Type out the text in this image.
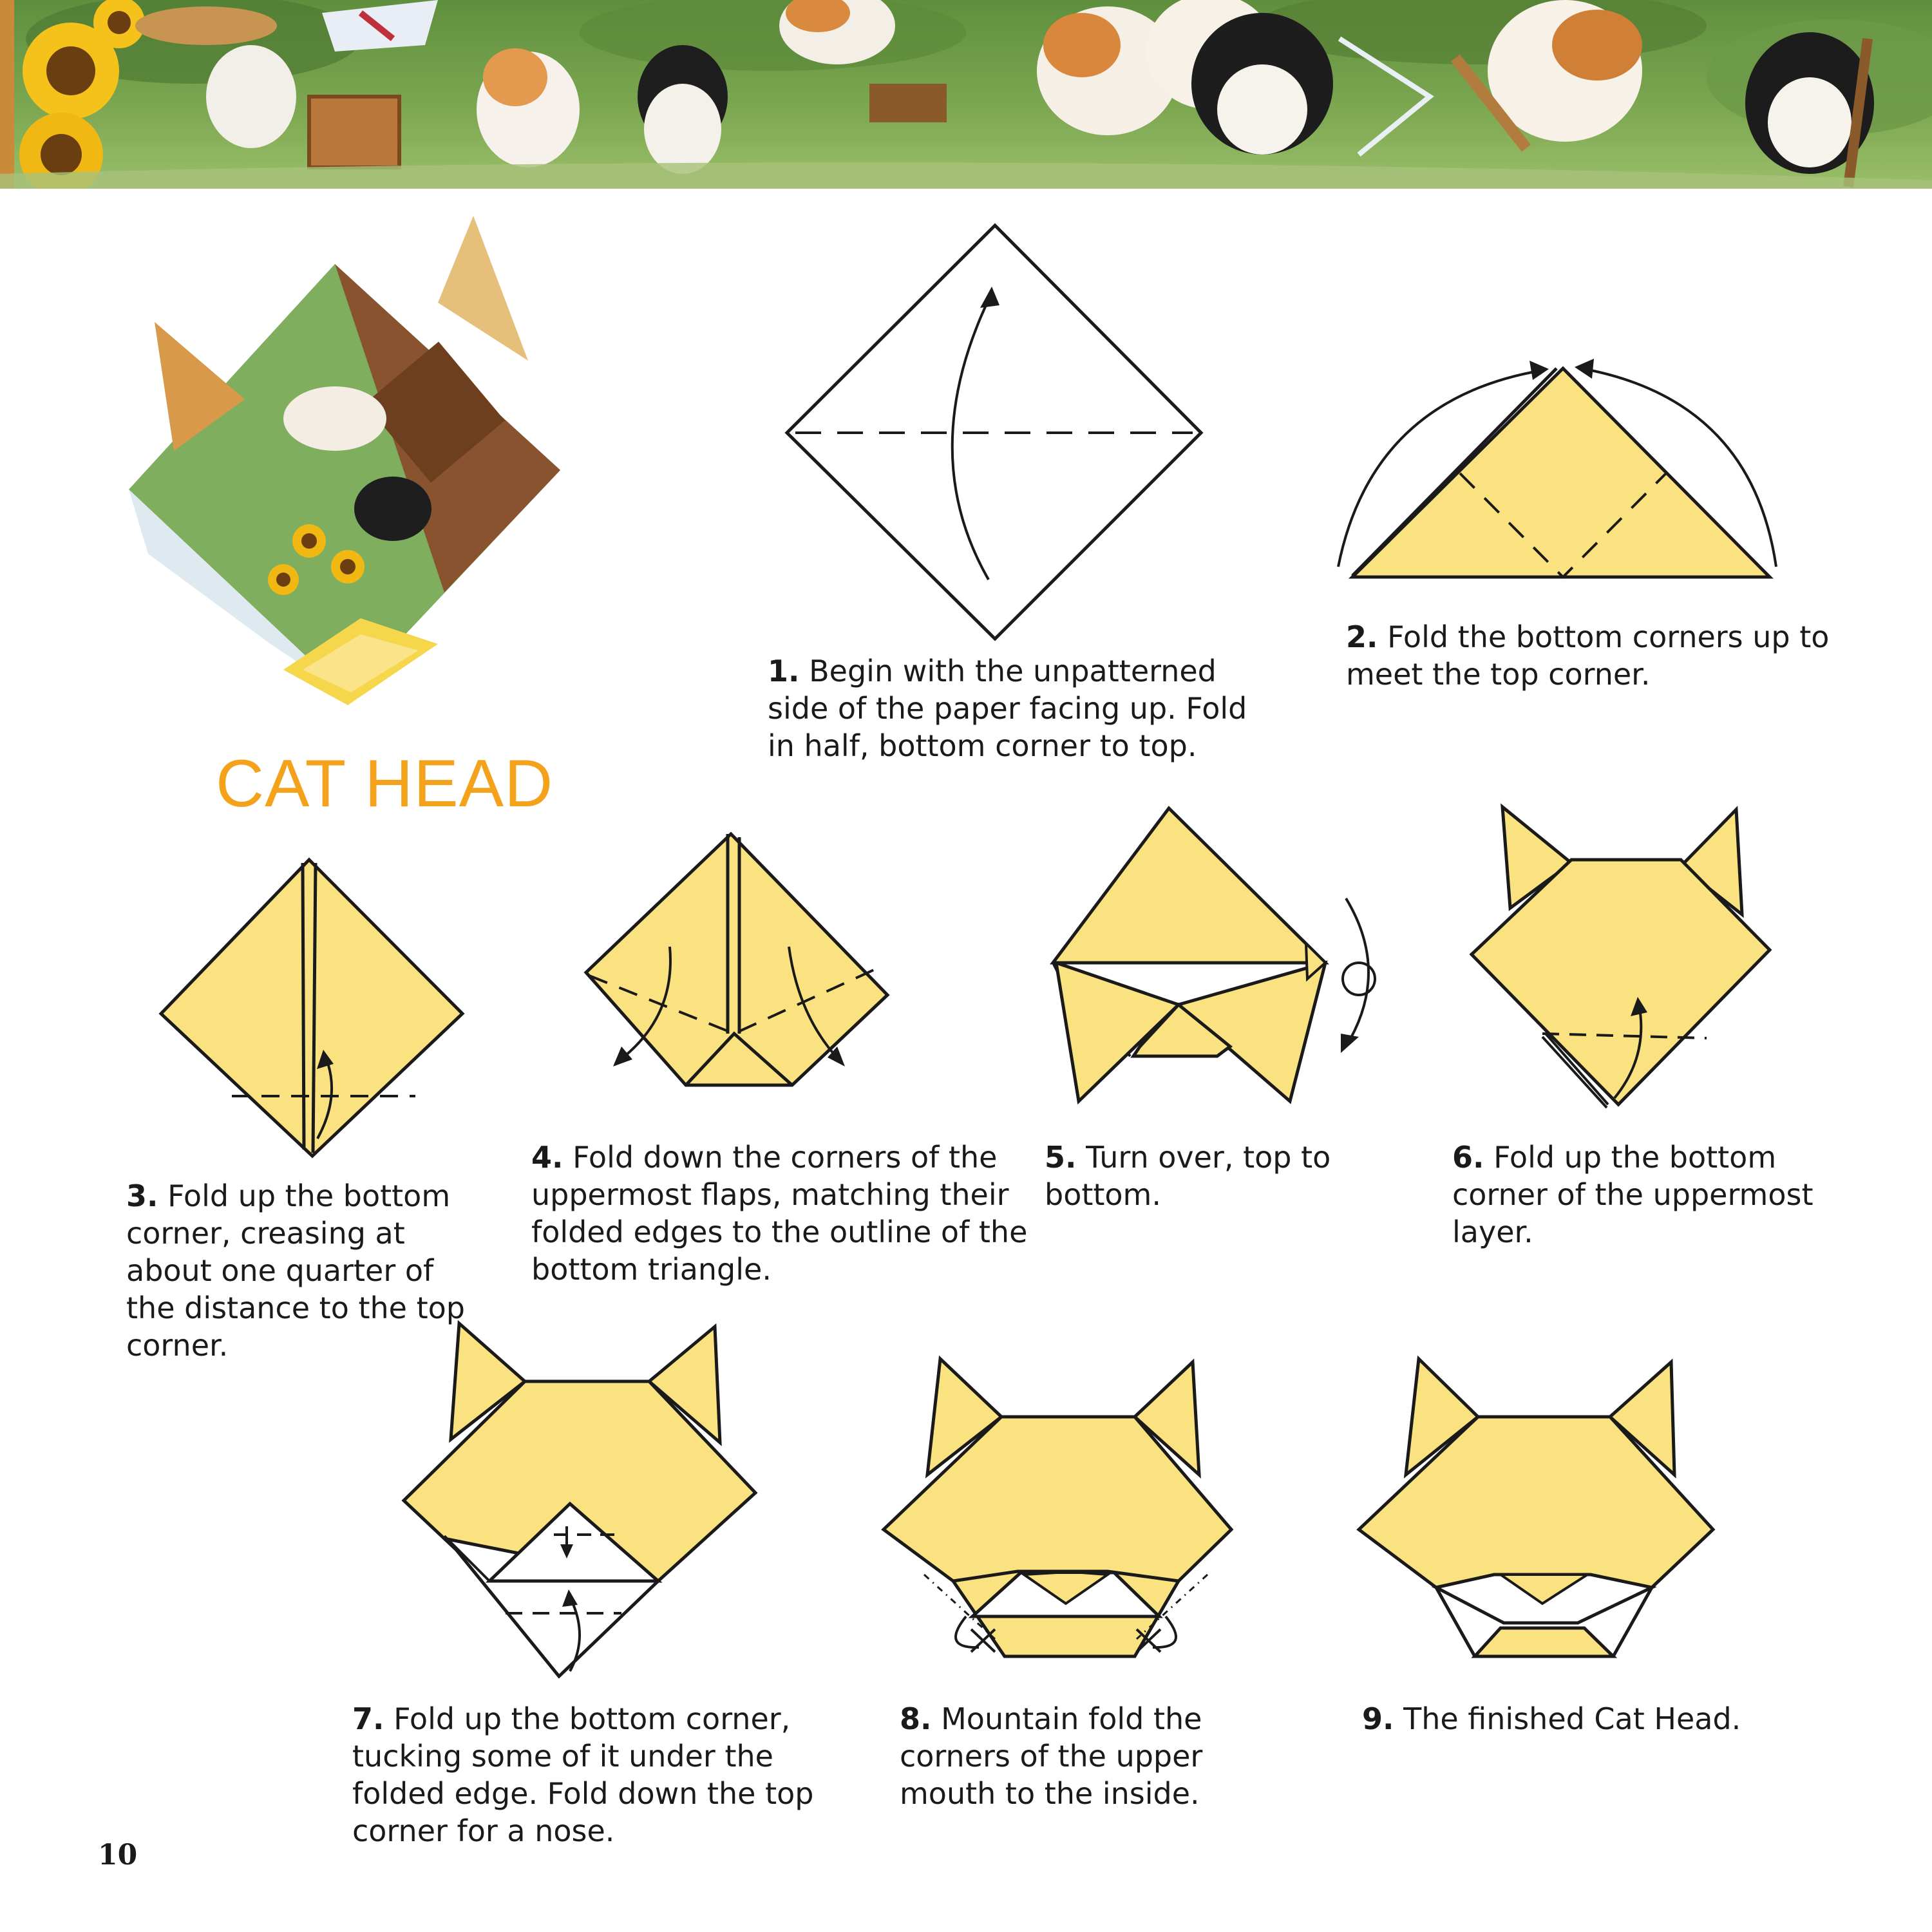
CAT HEAD
1. Begin with the unpatterned side of the paper facing up. Fold in half, bottom corner to top.
2. Fold the bottom corners up to meet the top corner.
3. Fold up the bottom corner, creasing at about one quarter of the distance to the top corner.
4. Fold down the corners of the uppermost flaps, matching their folded edges to the outline of the bottom triangle.
5. Turn over, top to bottom.
6. Fold up the bottom corner of the uppermost layer.
7. Fold up the bottom corner, tucking some of it under the folded edge. Fold down the top corner for a nose.
8. Mountain fold the corners of the upper mouth to the inside.
9. The finished Cat Head.
10
